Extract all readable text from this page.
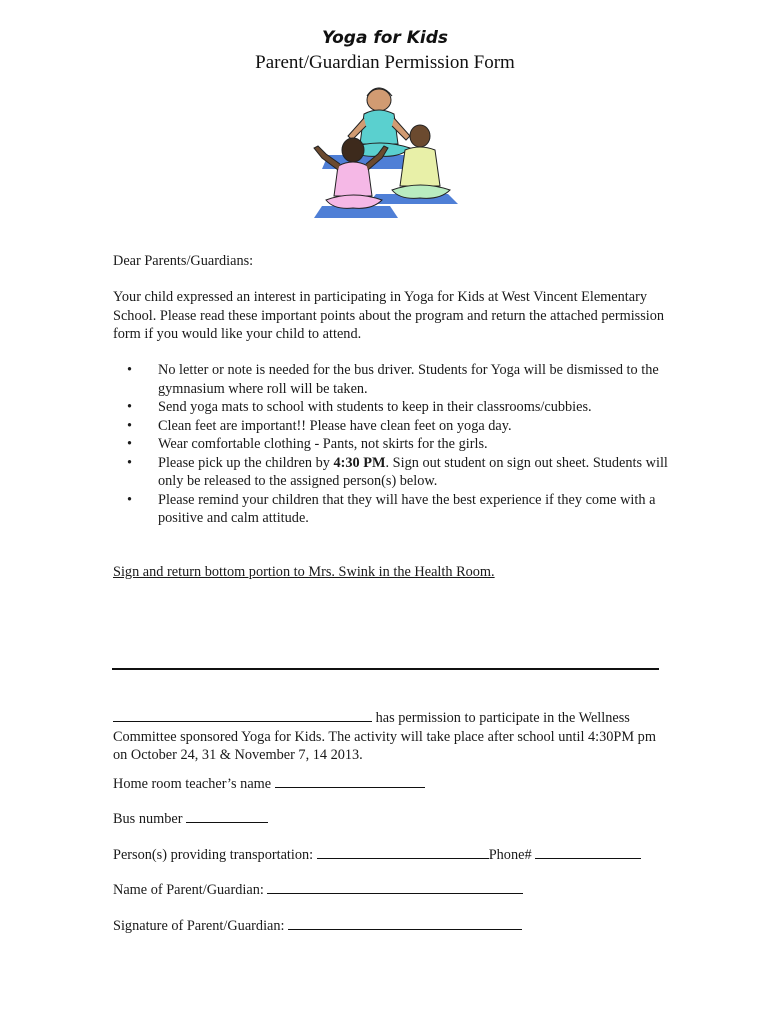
Yoga for Kids
Parent/Guardian Permission Form
Dear Parents/Guardians:
Your child expressed an interest in participating in Yoga for Kids at West Vincent Elementary School. Please read these important points about the program and return the attached permission form if you would like your child to attend.
• No letter or note is needed for the bus driver. Students for Yoga will be dismissed to the gymnasium where roll will be taken.
• Send yoga mats to school with students to keep in their classrooms/cubbies.
• Clean feet are important!! Please have clean feet on yoga day.
• Wear comfortable clothing - Pants, not skirts for the girls.
• Please pick up the children by 4:30 PM. Sign out student on sign out sheet. Students will only be released to the assigned person(s) below.
• Please remind your children that they will have the best experience if they come with a positive and calm attitude.
Sign and return bottom portion to Mrs. Swink in the Health Room.
has permission to participate in the Wellness Committee sponsored Yoga for Kids. The activity will take place after school until 4:30PM pm on October 24, 31 & November 7, 14 2013.
Home room teacher’s name
Bus number
Person(s) providing transportation:	Phone#
Name of Parent/Guardian:
Signature of Parent/Guardian:
